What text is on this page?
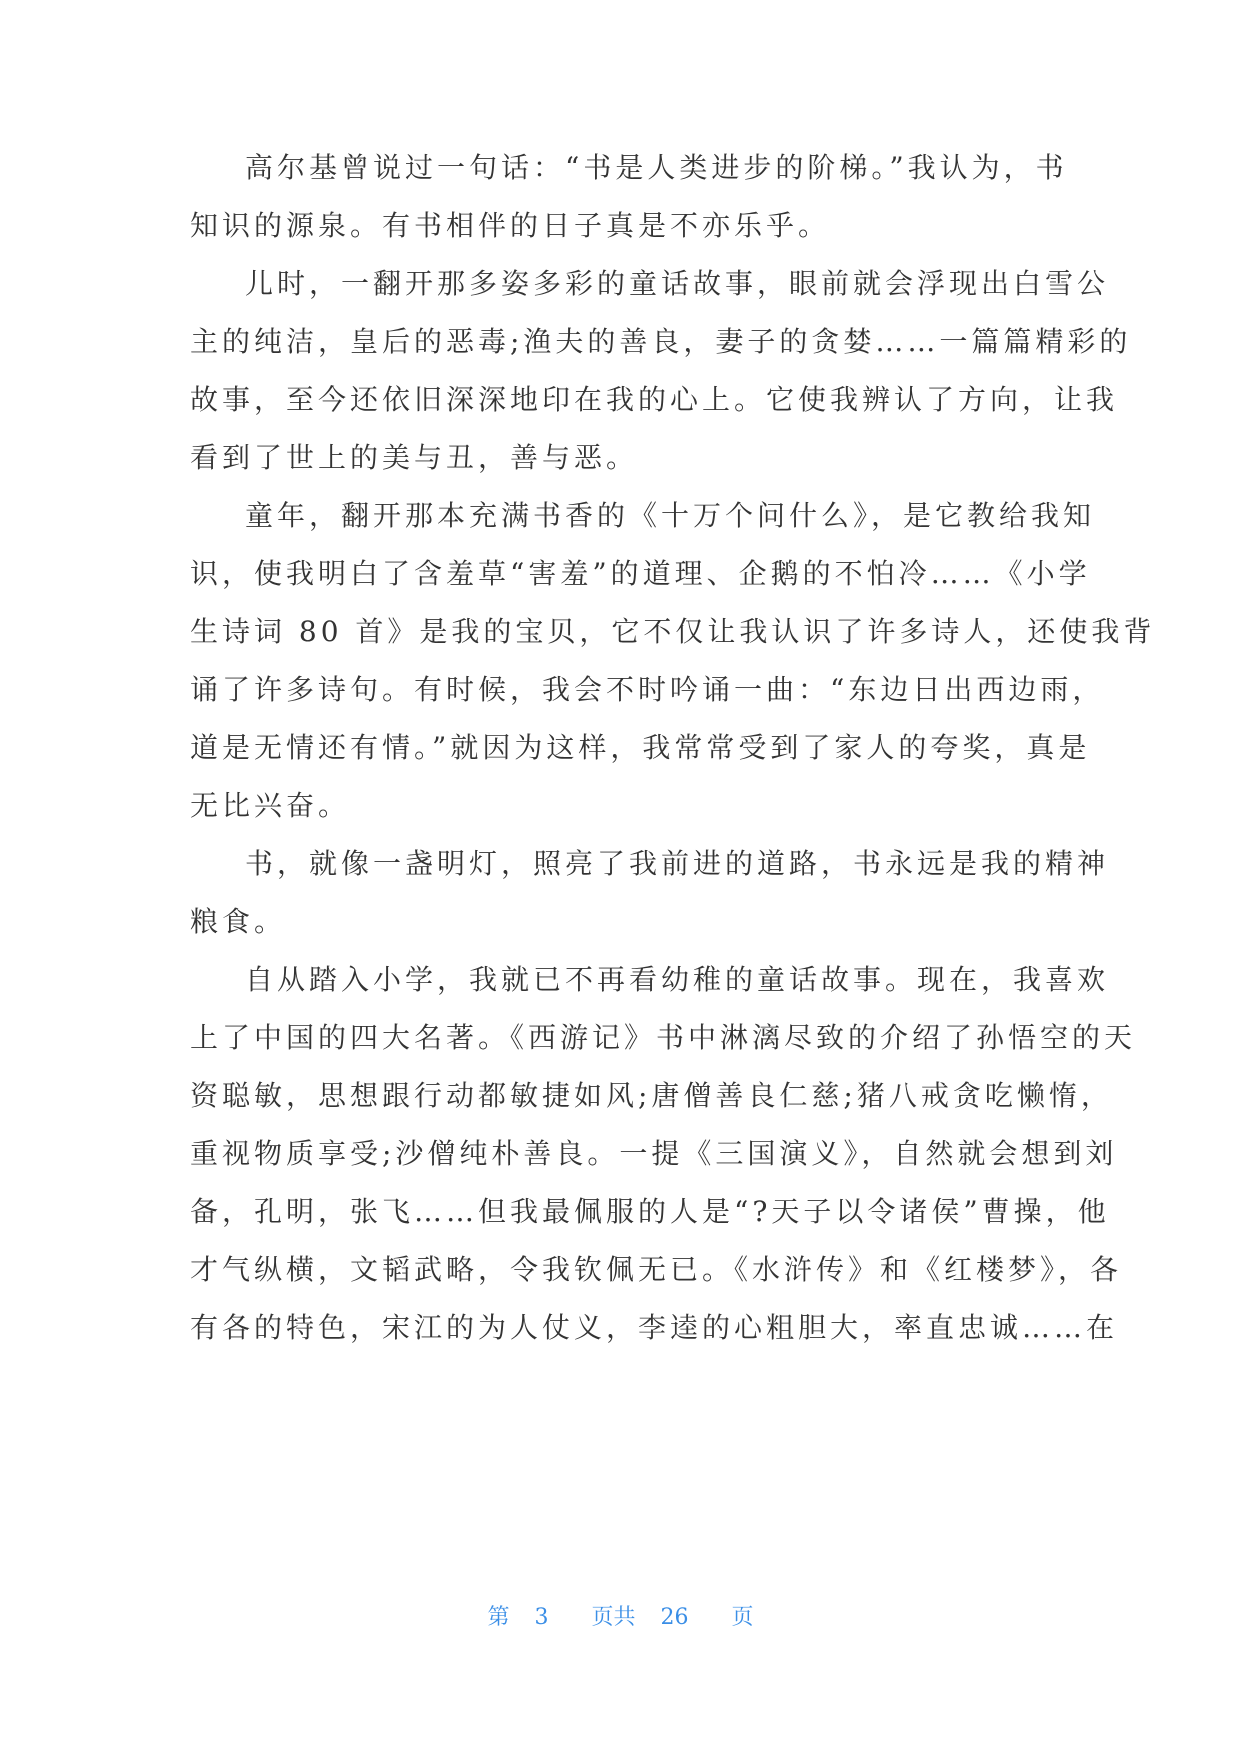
高尔基曾说过一句话：“书是人类进步的阶梯。”我认为，书
知识的源泉。有书相伴的日子真是不亦乐乎。
儿时，一翻开那多姿多彩的童话故事，眼前就会浮现出白雪公
主的纯洁，皇后的恶毒;渔夫的善良，妻子的贪婪……一篇篇精彩的
故事，至今还依旧深深地印在我的心上。它使我辨认了方向，让我
看到了世上的美与丑，善与恶。
童年，翻开那本充满书香的《十万个问什么》，是它教给我知
识，使我明白了含羞草“害羞”的道理、企鹅的不怕冷……《小学
生诗词 80 首》是我的宝贝，它不仅让我认识了许多诗人，还使我背
诵了许多诗句。有时候，我会不时吟诵一曲：“东边日出西边雨，
道是无情还有情。”就因为这样，我常常受到了家人的夸奖，真是
无比兴奋。
书，就像一盏明灯，照亮了我前进的道路，书永远是我的精神
粮食。
自从踏入小学，我就已不再看幼稚的童话故事。现在，我喜欢
上了中国的四大名著。《西游记》书中淋漓尽致的介绍了孙悟空的天
资聪敏，思想跟行动都敏捷如风;唐僧善良仁慈;猪八戒贪吃懒惰，
重视物质享受;沙僧纯朴善良。一提《三国演义》，自然就会想到刘
备，孔明，张飞……但我最佩服的人是“?天子以令诸侯”曹操，他
才气纵横，文韬武略，令我钦佩无已。《水浒传》和《红楼梦》，各
有各的特色，宋江的为人仗义，李逵的心粗胆大，率直忠诚……在
第 3 页共 26 页
